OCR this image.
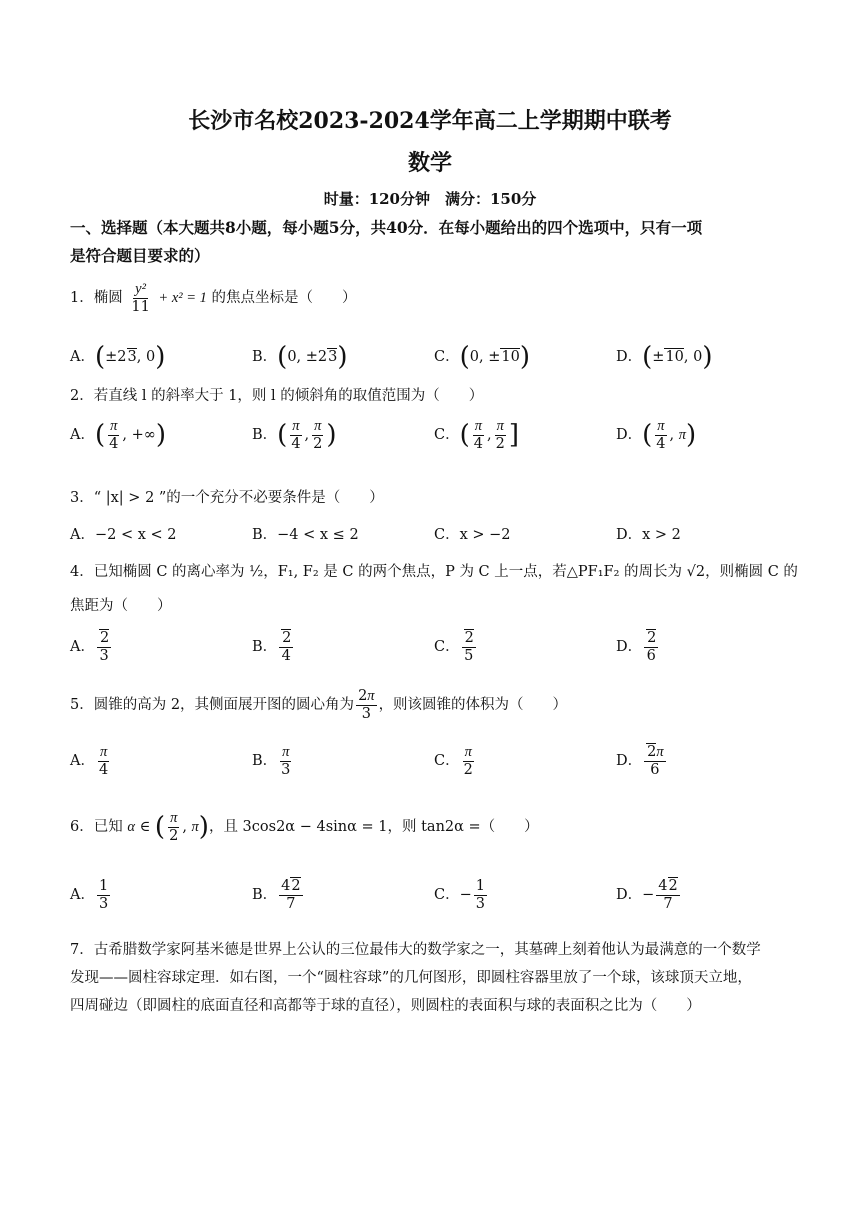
长沙市名校2023-2024学年高二上学期期中联考
数学
时量：120分钟　满分：150分
一、选择题（本大题共8小题，每小题5分，共40分．在每小题给出的四个选项中，只有一项
是符合题目要求的）
1．椭圆 $\frac{\text{y²}}{11} + x^2 = 1$ 的焦点坐标是（　　）
A．(±23, 0)	B．(0, ±23)	C．(0, ±10)	D．(±10, 0)
2．若直线 l 的斜率大于 1，则 l 的倾斜角的取值范围为（　　）
A．( $\frac{\pi}{4}$ , +∞)	B．( $\frac{\pi}{4}$ , $\frac{\pi}{2}$ )	C．( $\frac{\pi}{4}$ , $\frac{\pi}{2}$ ]	D．( $\frac{\pi}{4}$ , π)
3．“ |x| > 2 ”的一个充分不必要条件是（　　）
A．−2 < x < 2	B．−4 < x ≤ 2	C．x > −2	D．x > 2
4．已知椭圆 C 的离心率为 ½，F₁, F₂ 是 C 的两个焦点，P 为 C 上一点，若△PF₁F₂ 的周长为 √2，则椭圆 C 的
焦距为（　　）
A． $\frac{2}{3}$	B． $\frac{2}{4}$	C． $\frac{2}{5}$	D． $\frac{2}{6}$
5．圆锥的高为 2，其侧面展开图的圆心角为 $\frac{2\pi}{3}$ ，则该圆锥的体积为（　　）
A． $\frac{\pi}{4}$	B． $\frac{\pi}{3}$	C． $\frac{\pi}{2}$	D． $\frac{2\pi}{6}$
6．已知 α ∈ ( $\frac{\pi}{2}$ , π)，且 3cos2α − 4sinα = 1，则 tan2α =（　　）
A． $\frac{1}{3}$	B． $\frac{42}{7}$	C．− $\frac{1}{3}$	D．− $\frac{42}{7}$
7．古希腊数学家阿基米德是世界上公认的三位最伟大的数学家之一，其墓碑上刻着他认为最满意的一个数学
发现——圆柱容球定理．如右图，一个“圆柱容球”的几何图形，即圆柱容器里放了一个球，该球顶天立地，
四周碰边（即圆柱的底面直径和高都等于球的直径），则圆柱的表面积与球的表面积之比为（　　）
